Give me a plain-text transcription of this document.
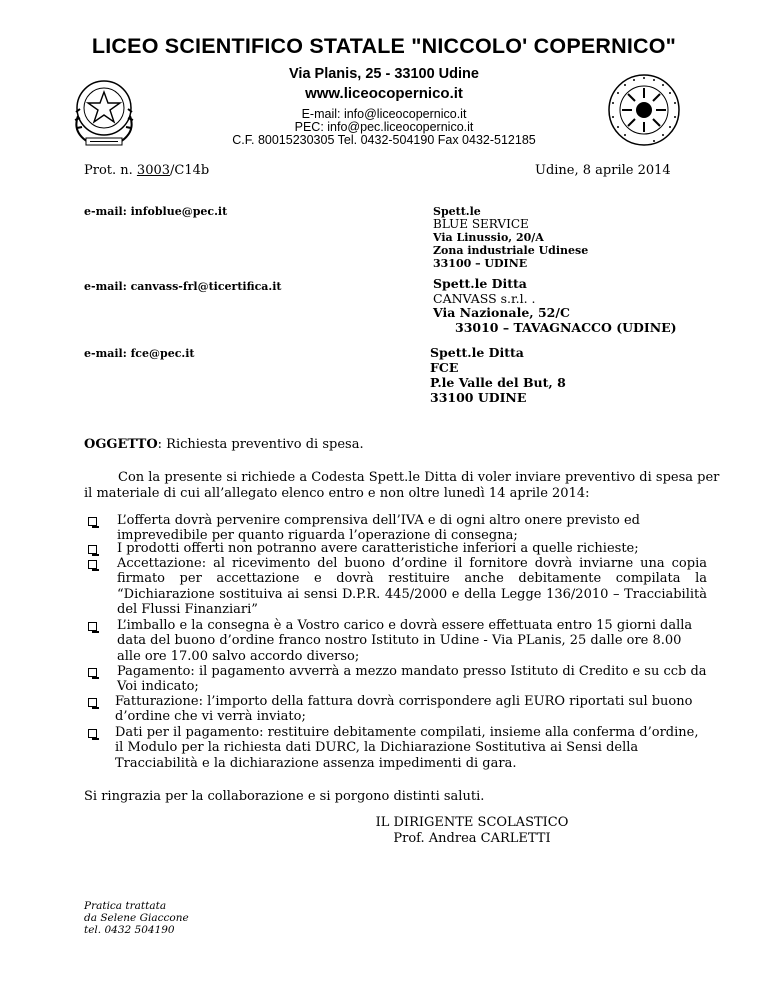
LICEO SCIENTIFICO STATALE "NICCOLO' COPERNICO"
Via Planis, 25 - 33100 Udine
www.liceocopernico.it
E-mail: info@liceocopernico.it
PEC: info@pec.liceocopernico.it
C.F. 80015230305 Tel. 0432-504190 Fax 0432-512185
Prot. n. 3003/C14b	Udine, 8 aprile 2014
e-mail: infoblue@pec.it	Spett.le
BLUE SERVICE
Via Linussio, 20/A
Zona industriale Udinese
33100 – UDINE
e-mail: canvass-frl@ticertifica.it	Spett.le Ditta
CANVASS s.r.l. .
Via Nazionale, 52/C
33010 – TAVAGNACCO (UDINE)
e-mail: fce@pec.it	Spett.le Ditta
FCE
P.le Valle del But, 8
33100 UDINE
OGGETTO: Richiesta preventivo di spesa.
Con la presente si richiede a Codesta Spett.le Ditta di voler inviare preventivo di spesa per
il materiale di cui all’allegato elenco entro e non oltre lunedì 14 aprile 2014:
L’offerta dovrà pervenire comprensiva dell’IVA e di ogni altro onere previsto ed imprevedibile per quanto riguarda l’operazione di consegna;
I prodotti offerti non potranno avere caratteristiche inferiori a quelle richieste;
Accettazione: al ricevimento del buono d’ordine il fornitore dovrà inviarne una copia firmato per accettazione e dovrà restituire anche debitamente compilata la “Dichiarazione sostituiva ai sensi D.P.R. 445/2000 e della Legge 136/2010 – Tracciabilità del Flussi Finanziari”
L’imballo e la consegna è a Vostro carico e dovrà essere effettuata entro 15 giorni dalla data del buono d’ordine franco nostro Istituto in Udine - Via PLanis, 25 dalle ore 8.00 alle ore 17.00 salvo accordo diverso;
Pagamento: il pagamento avverrà a mezzo mandato presso Istituto di Credito e su ccb da Voi indicato;
Fatturazione: l’importo della fattura dovrà corrispondere agli EURO riportati sul buono d’ordine che vi verrà inviato;
Dati per il pagamento: restituire debitamente compilati, insieme alla conferma d’ordine, il Modulo per la richiesta dati DURC, la Dichiarazione Sostitutiva ai Sensi della Tracciabilità e la dichiarazione assenza impedimenti di gara.
Si ringrazia per la collaborazione e si porgono distinti saluti.
IL DIRIGENTE SCOLASTICO
Prof. Andrea CARLETTI
Pratica trattata
da Selene Giaccone
tel. 0432 504190
